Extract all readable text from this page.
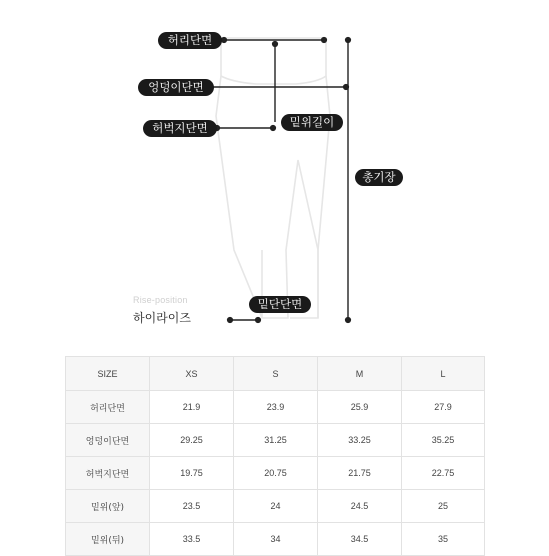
허리단면
엉덩이단면
허벅지단면	밑위길이
총기장
밑단단면
Rise-position
하이라이즈
SIZE	XS	S	M	L
허리단면	21.9	23.9	25.9	27.9
엉덩이단면	29.25	31.25	33.25	35.25
허벅지단면	19.75	20.75	21.75	22.75
밑위(앞)	23.5	24	24.5	25
밑위(뒤)	33.5	34	34.5	35
